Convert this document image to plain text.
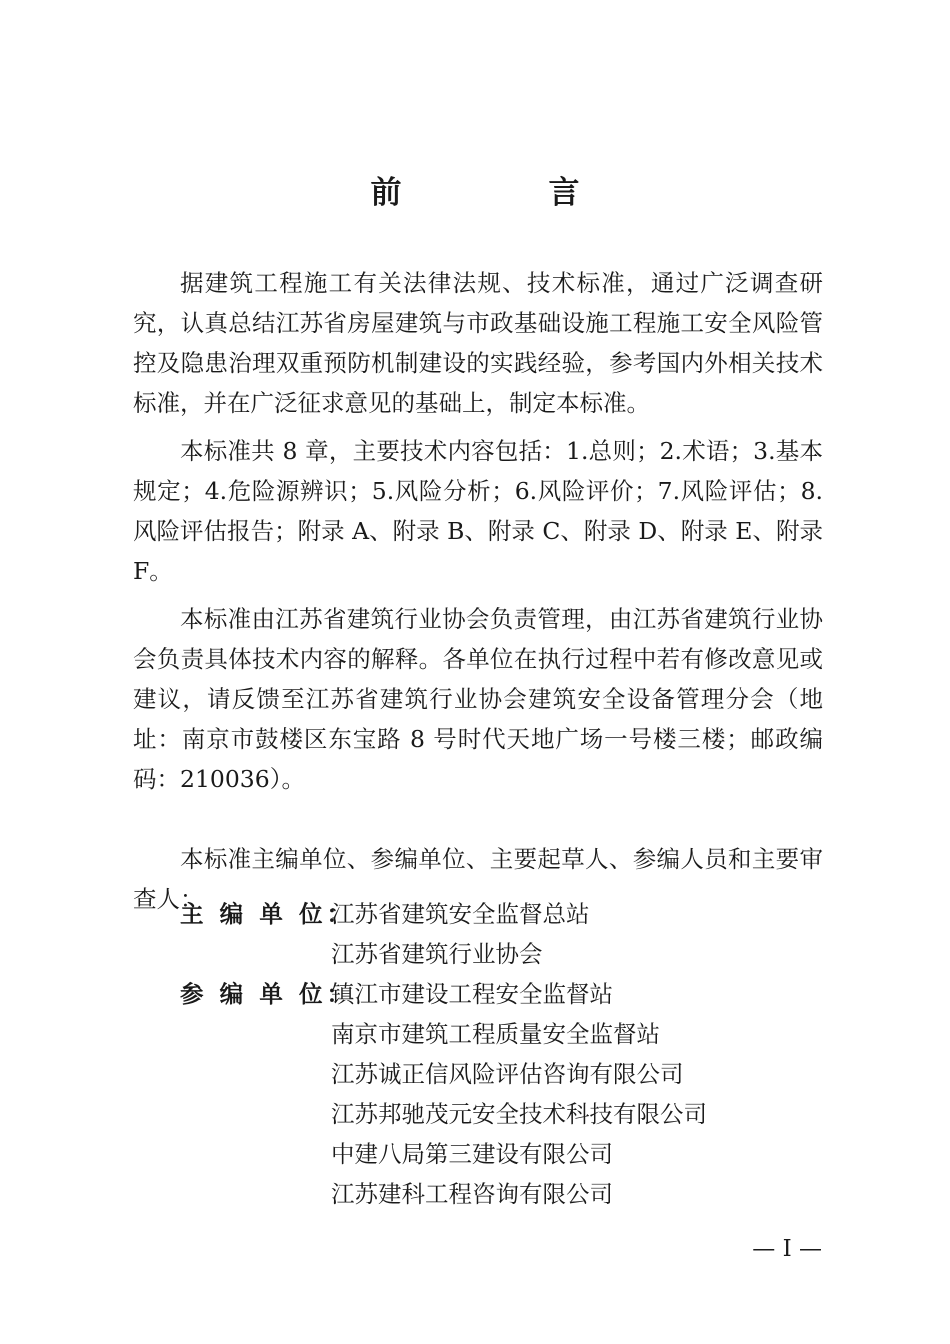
前　言

据建筑工程施工有关法律法规、技术标准，通过广泛调查研究，认真总结江苏省房屋建筑与市政基础设施工程施工安全风险管控及隐患治理双重预防机制建设的实践经验，参考国内外相关技术标准，并在广泛征求意见的基础上，制定本标准。

本标准共 8 章，主要技术内容包括：1.总则；2.术语；3.基本规定；4.危险源辨识；5.风险分析；6.风险评价；7.风险评估；8.风险评估报告；附录 A、附录 B、附录 C、附录 D、附录 E、附录 F。

本标准由江苏省建筑行业协会负责管理，由江苏省建筑行业协会负责具体技术内容的解释。各单位在执行过程中若有修改意见或建议，请反馈至江苏省建筑行业协会建筑安全设备管理分会（地址：南京市鼓楼区东宝路 8 号时代天地广场一号楼三楼；邮政编码：210036）。

本标准主编单位、参编单位、主要起草人、参编人员和主要审查人：

主 编 单 位：
江苏省建筑安全监督总站
江苏省建筑行业协会
参 编 单 位：
镇江市建设工程安全监督站
南京市建筑工程质量安全监督站
江苏诚正信风险评估咨询有限公司
江苏邦驰茂元安全技术科技有限公司
中建八局第三建设有限公司
江苏建科工程咨询有限公司
— I —
